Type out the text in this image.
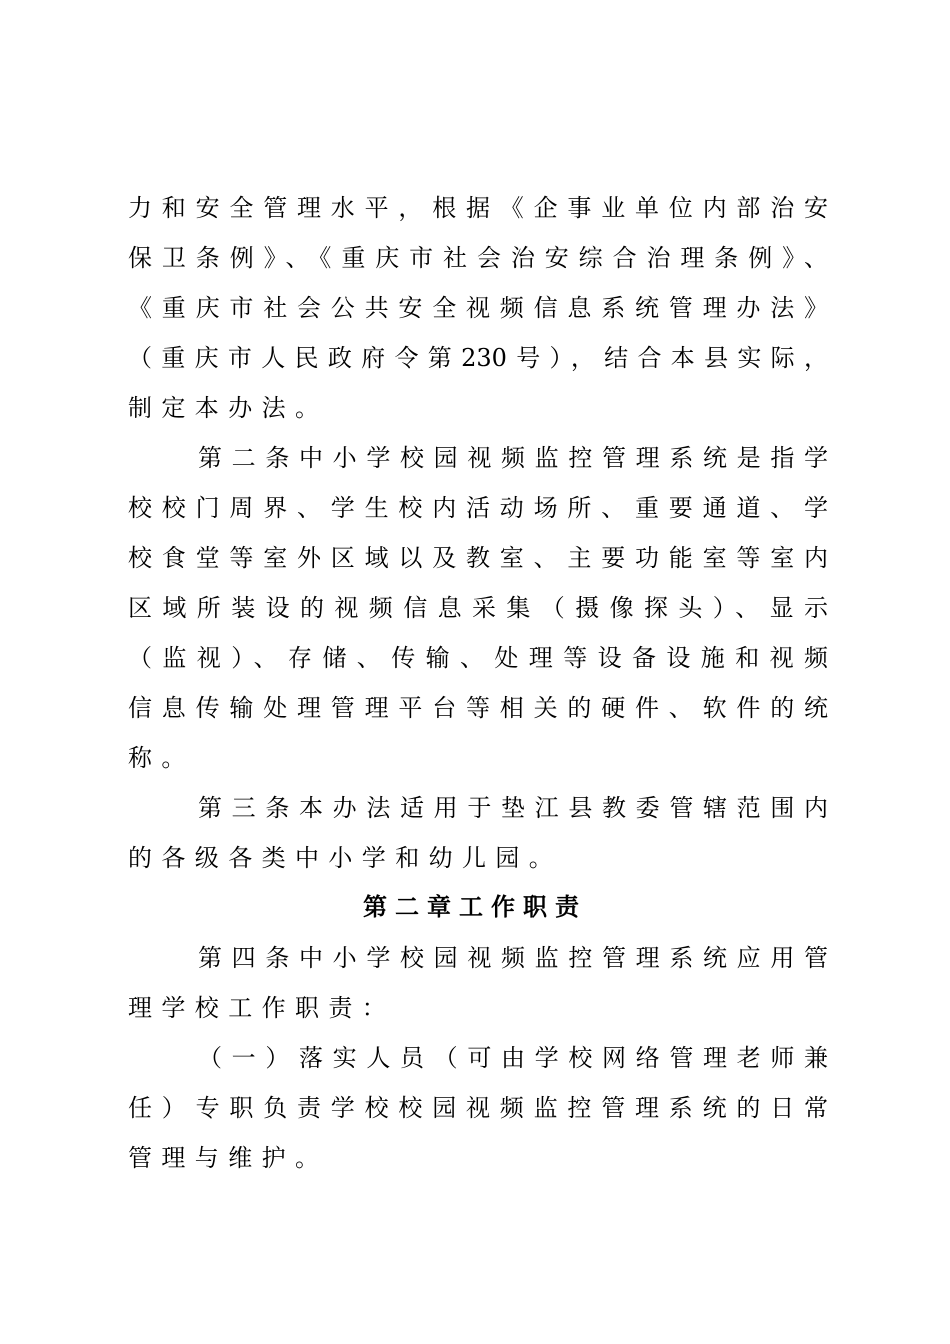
力和安全管理水平，根据《企事业单位内部治安
保卫条例》、《重庆市社会治安综合治理条例》、
《重庆市社会公共安全视频信息系统管理办法》
（重庆市人民政府令第230号），结合本县实际，
制定本办法。
第二条中小学校园视频监控管理系统是指学
校校门周界、学生校内活动场所、重要通道、学
校食堂等室外区域以及教室、主要功能室等室内
区域所装设的视频信息采集（摄像探头）、显示
（监视）、存储、传输、处理等设备设施和视频
信息传输处理管理平台等相关的硬件、软件的统
称。
第三条本办法适用于垫江县教委管辖范围内
的各级各类中小学和幼儿园。
第二章工作职责
第四条中小学校园视频监控管理系统应用管
理学校工作职责：
（一）落实人员（可由学校网络管理老师兼
任）专职负责学校校园视频监控管理系统的日常
管理与维护。
